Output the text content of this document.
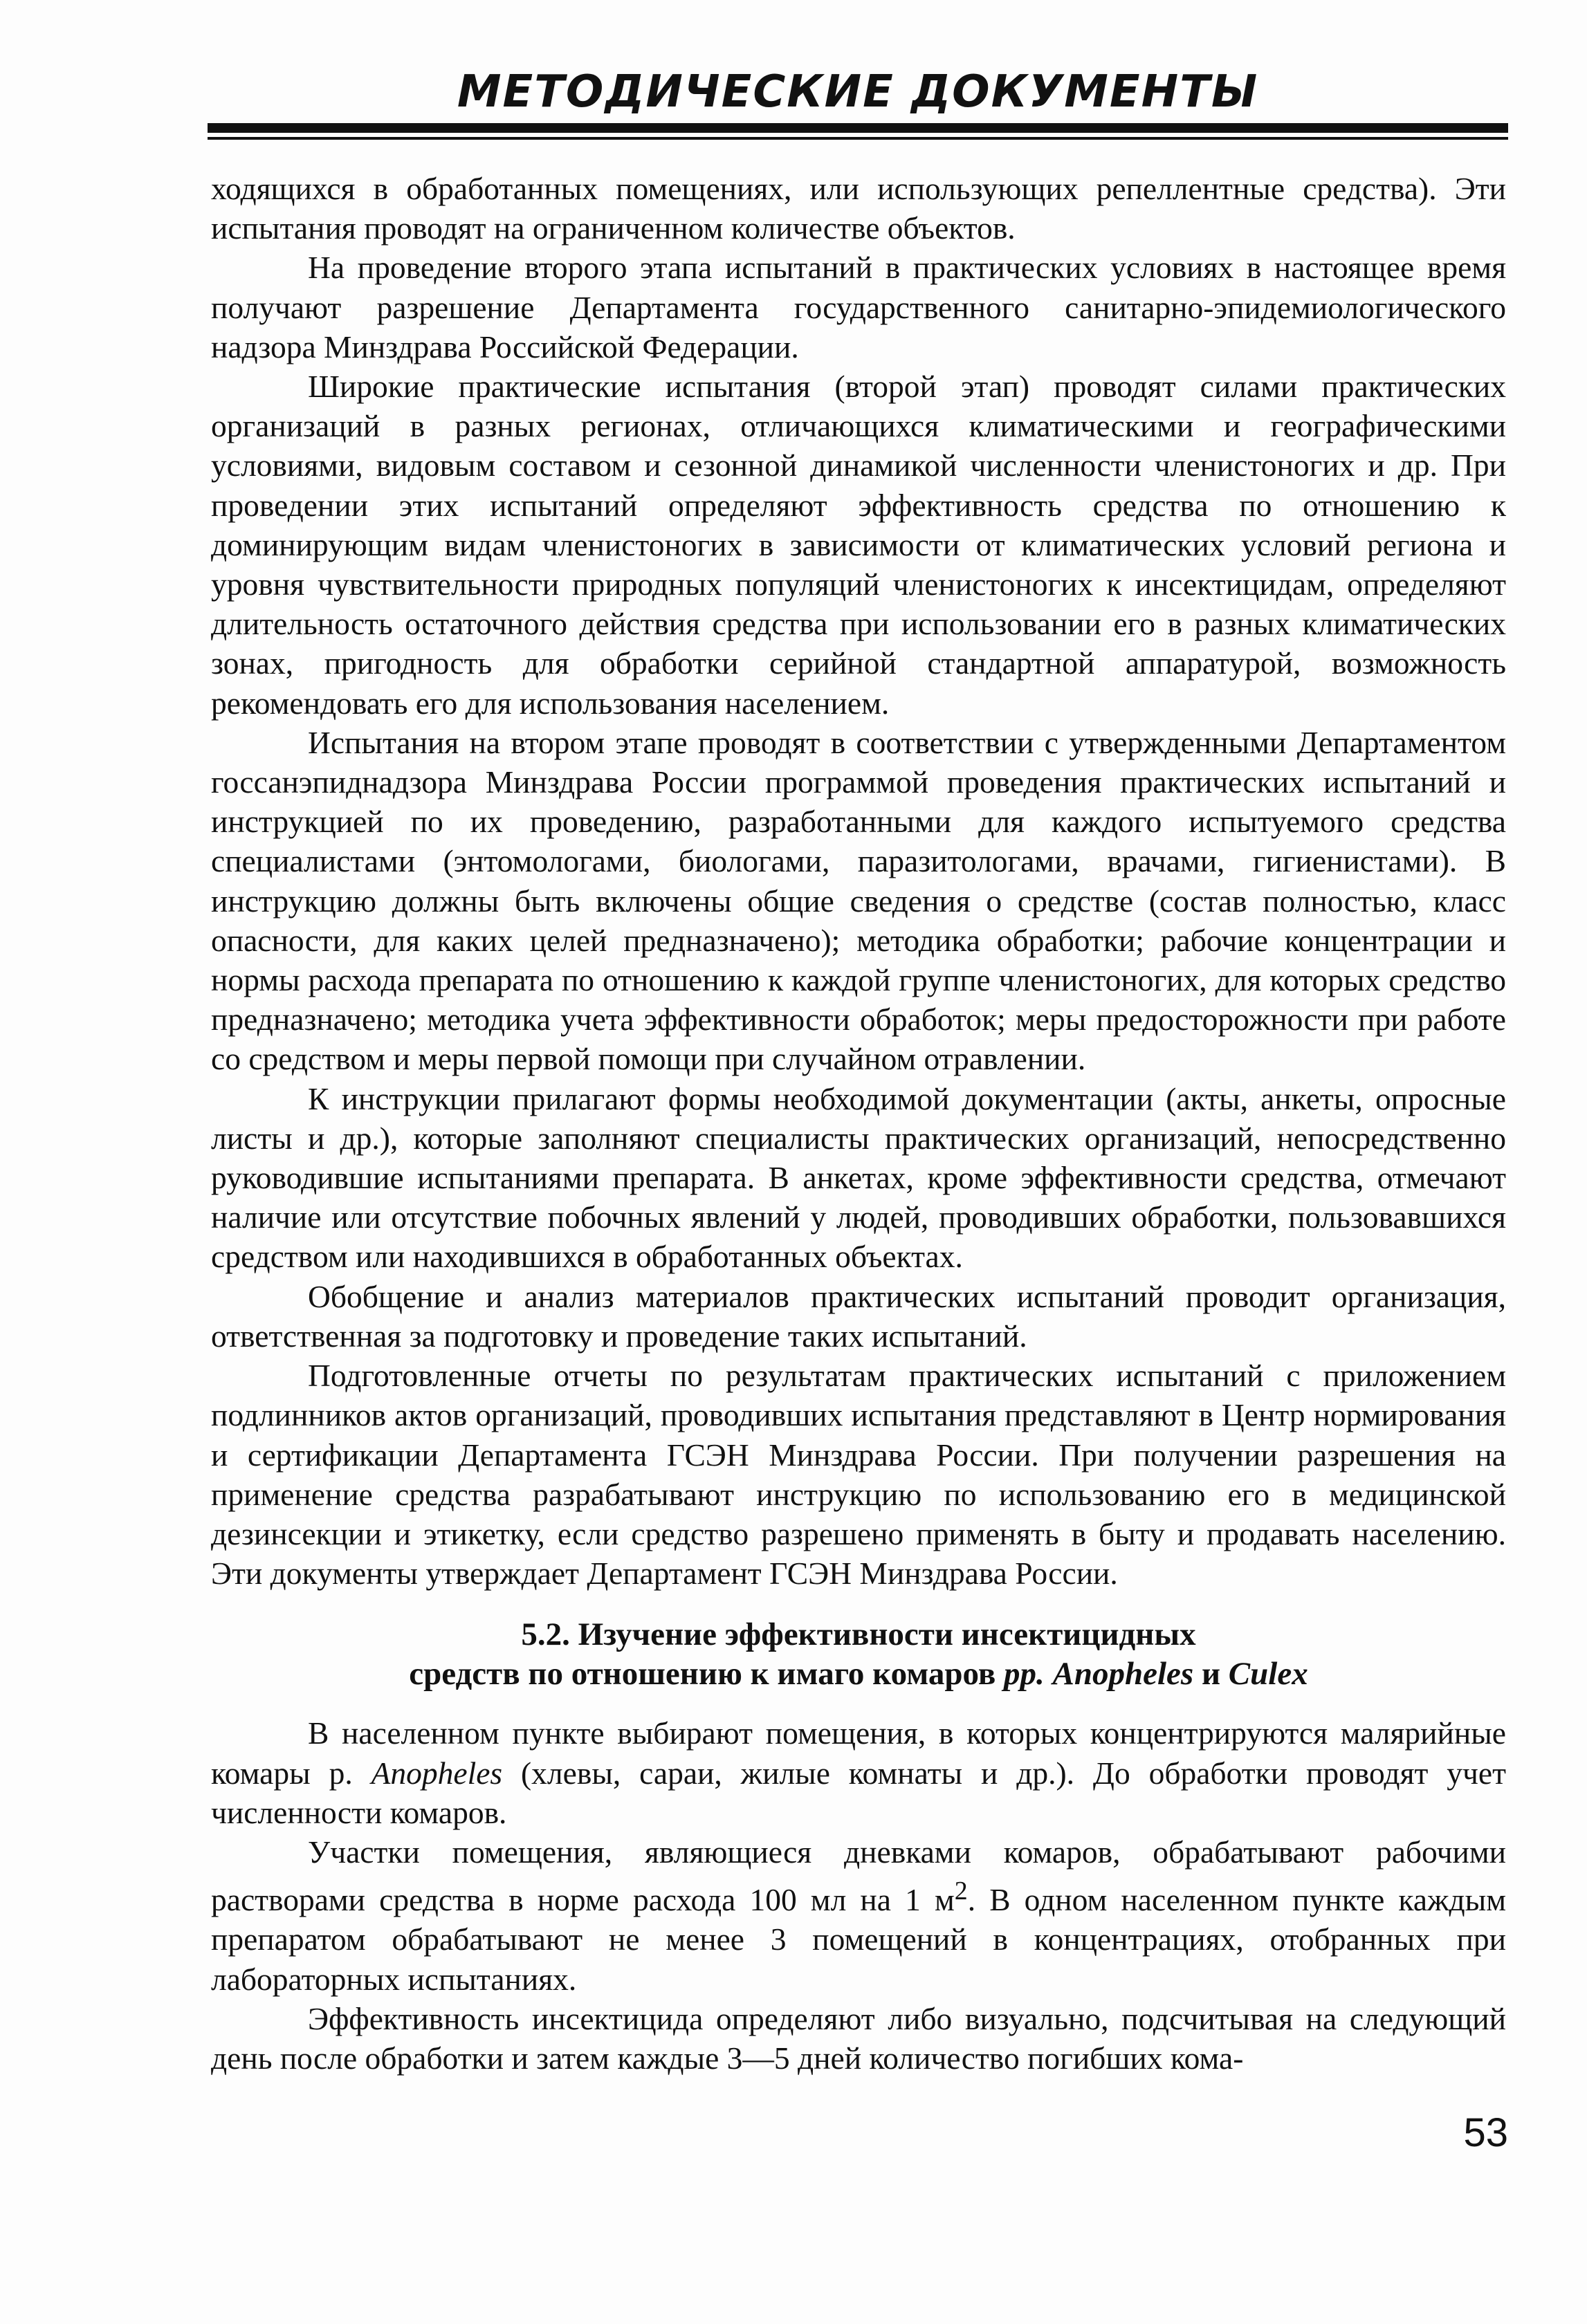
МЕТОДИЧЕСКИЕ ДОКУМЕНТЫ

ходящихся в обработанных помещениях, или использующих репеллентные средства). Эти испытания проводят на ограниченном количестве объектов.

На проведение второго этапа испытаний в практических условиях в настоящее время получают разрешение Департамента государственного санитарно-эпидемиологического надзора Минздрава Российской Федерации.

Широкие практические испытания (второй этап) проводят силами практических организаций в разных регионах, отличающихся климатическими и географическими условиями, видовым составом и сезонной динамикой численности членистоногих и др. При проведении этих испытаний определяют эффективность средства по отношению к доминирующим видам членистоногих в зависимости от климатических условий региона и уровня чувствительности природных популяций членистоногих к инсектицидам, определяют длительность остаточного действия средства при использовании его в разных климатических зонах, пригодность для обработки серийной стандартной аппаратурой, возможность рекомендовать его для использования населением.

Испытания на втором этапе проводят в соответствии с утвержденными Департаментом госсанэпиднадзора Минздрава России программой проведения практических испытаний и инструкцией по их проведению, разработанными для каждого испытуемого средства специалистами (энтомологами, биологами, паразитологами, врачами, гигиенистами). В инструкцию должны быть включены общие сведения о средстве (состав полностью, класс опасности, для каких целей предназначено); методика обработки; рабочие концентрации и нормы расхода препарата по отношению к каждой группе членистоногих, для которых средство предназначено; методика учета эффективности обработок; меры предосторожности при работе со средством и меры первой помощи при случайном отравлении.

К инструкции прилагают формы необходимой документации (акты, анкеты, опросные листы и др.), которые заполняют специалисты практических организаций, непосредственно руководившие испытаниями препарата. В анкетах, кроме эффективности средства, отмечают наличие или отсутствие побочных явлений у людей, проводивших обработки, пользовавшихся средством или находившихся в обработанных объектах.

Обобщение и анализ материалов практических испытаний проводит организация, ответственная за подготовку и проведение таких испытаний.

Подготовленные отчеты по результатам практических испытаний с приложением подлинников актов организаций, проводивших испытания представляют в Центр нормирования и сертификации Департамента ГСЭН Минздрава России. При получении разрешения на применение средства разрабатывают инструкцию по использованию его в медицинской дезинсекции и этикетку, если средство разрешено применять в быту и продавать населению. Эти документы утверждает Департамент ГСЭН Минздрава России.

5.2. Изучение эффективности инсектицидных
средств по отношению к имаго комаров pp. Anopheles и Culex

В населенном пункте выбирают помещения, в которых концентрируются малярийные комары р. Anopheles (хлевы, сараи, жилые комнаты и др.). До обработки проводят учет численности комаров.

Участки помещения, являющиеся дневками комаров, обрабатывают рабочими растворами средства в норме расхода 100 мл на 1 $м^2$. В одном населенном пункте каждым препаратом обрабатывают не менее 3 помещений в концентрациях, отобранных при лабораторных испытаниях.

Эффективность инсектицида определяют либо визуально, подсчитывая на следующий день после обработки и затем каждые 3—5 дней количество погибших кома-

53
